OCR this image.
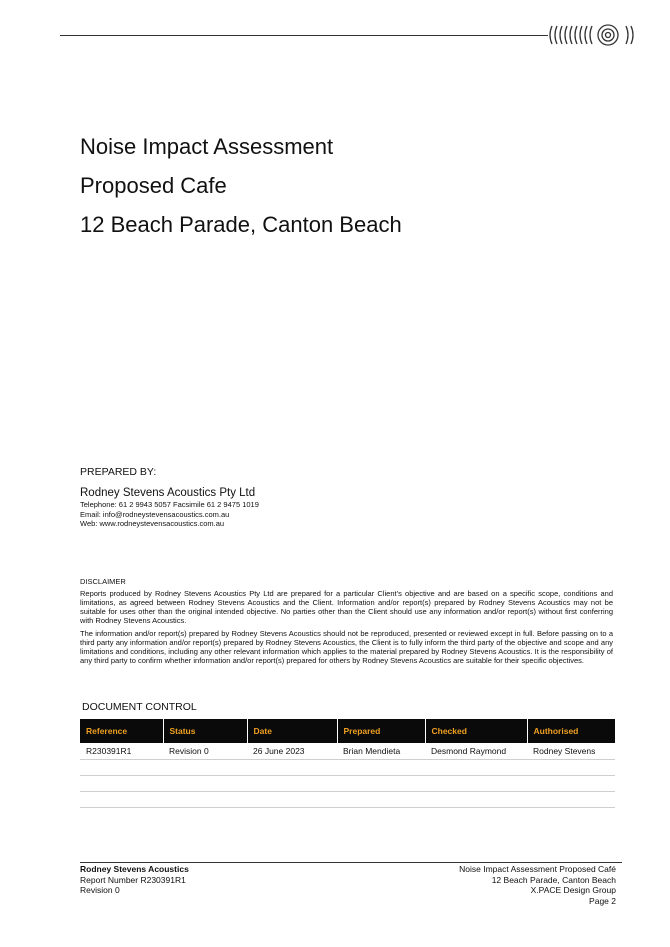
Noise Impact Assessment
Proposed Cafe
12 Beach Parade, Canton Beach
PREPARED BY:
Rodney Stevens Acoustics Pty Ltd
Telephone: 61 2 9943 5057 Facsimile 61 2 9475 1019
Email: info@rodneystevensacoustics.com.au
Web: www.rodneystevensacoustics.com.au
DISCLAIMER
Reports produced by Rodney Stevens Acoustics Pty Ltd are prepared for a particular Client’s objective and are based on a specific scope, conditions and limitations, as agreed between Rodney Stevens Acoustics and the Client. Information and/or report(s) prepared by Rodney Stevens Acoustics may not be suitable for uses other than the original intended objective. No parties other than the Client should use any information and/or report(s) without first conferring with Rodney Stevens Acoustics.
The information and/or report(s) prepared by Rodney Stevens Acoustics should not be reproduced, presented or reviewed except in full. Before passing on to a third party any information and/or report(s) prepared by Rodney Stevens Acoustics, the Client is to fully inform the third party of the objective and scope and any limitations and conditions, including any other relevant information which applies to the material prepared by Rodney Stevens Acoustics. It is the responsibility of any third party to confirm whether information and/or report(s) prepared for others by Rodney Stevens Acoustics are suitable for their specific objectives.
DOCUMENT CONTROL
Reference	Status	Date	Prepared	Checked	Authorised
R230391R1	Revision 0	26 June 2023	Brian Mendieta	Desmond Raymond	Rodney Stevens

Rodney Stevens Acoustics
Report Number R230391R1
Revision 0
Noise Impact Assessment Proposed Café
12 Beach Parade, Canton Beach
X.PACE Design Group
Page 2
